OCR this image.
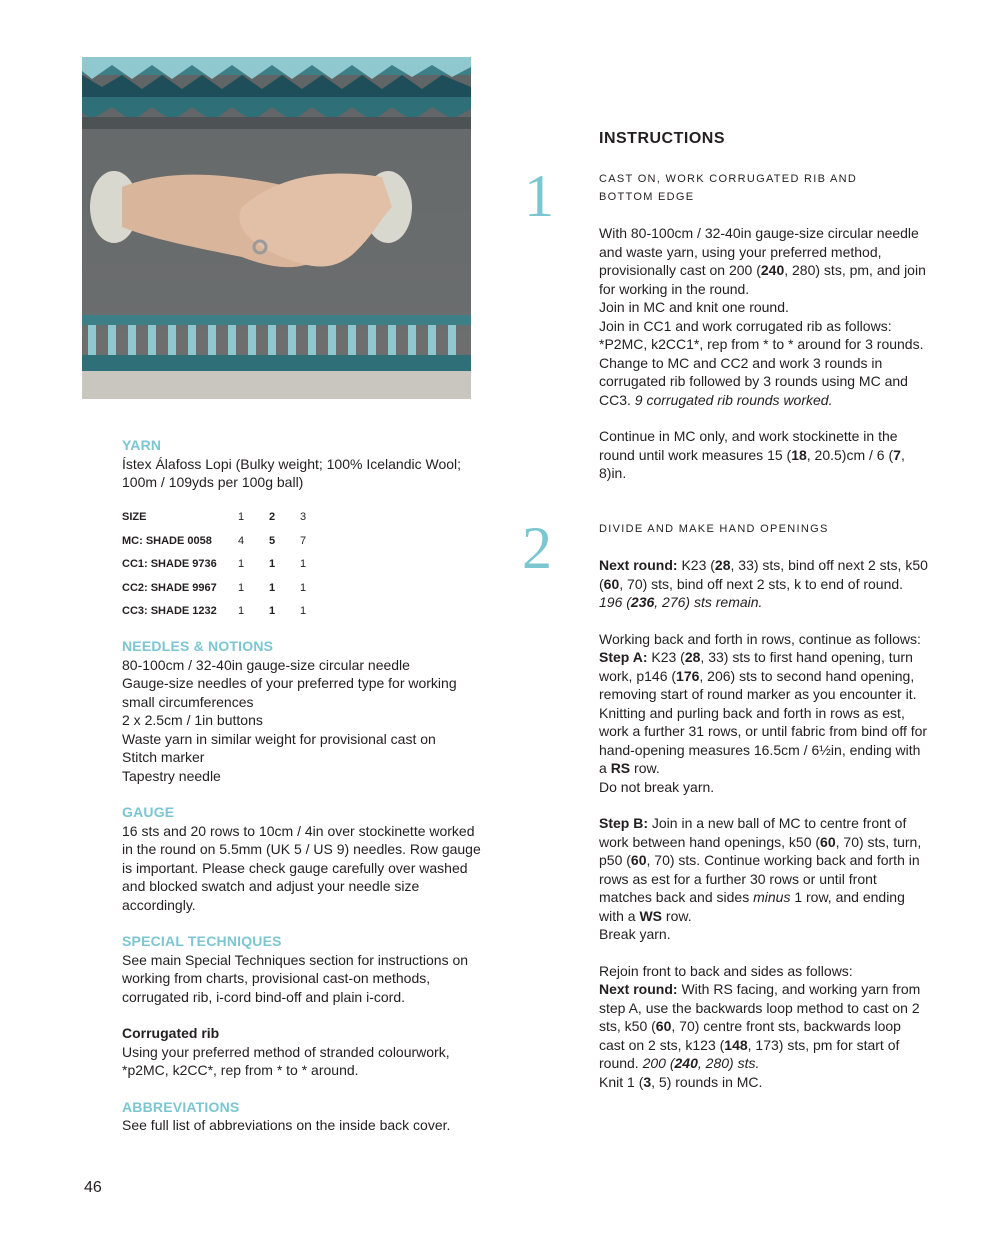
YARN

Ístex Álafoss Lopi (Bulky weight; 100% Icelandic Wool; 100m / 109yds per 100g ball)

SIZE	1	2	3
MC: SHADE 0058	4	5	7
CC1: SHADE 9736	1	1	1
CC2: SHADE 9967	1	1	1
CC3: SHADE 1232	1	1	1

NEEDLES & NOTIONS

80-100cm / 32-40in gauge-size circular needle

Gauge-size needles of your preferred type for working small circumferences

2 x 2.5cm / 1in buttons

Waste yarn in similar weight for provisional cast on

Stitch marker

Tapestry needle

GAUGE

16 sts and 20 rows to 10cm / 4in over stockinette worked in the round on 5.5mm (UK 5 / US 9) needles. Row gauge is important. Please check gauge carefully over washed and blocked swatch and adjust your needle size accordingly.

SPECIAL TECHNIQUES

See main Special Techniques section for instructions on working from charts, provisional cast-on methods, corrugated rib, i-cord bind-off and plain i-cord.

Corrugated rib

Using your preferred method of stranded colourwork, *p2MC, k2CC*, rep from * to * around.

ABBREVIATIONS

See full list of abbreviations on the inside back cover.

INSTRUCTIONS

1	CAST ON, WORK CORRUGATED RIB AND BOTTOM EDGE

With 80-100cm / 32-40in gauge-size circular needle and waste yarn, using your preferred method, provisionally cast on 200 (240, 280) sts, pm, and join for working in the round.

Join in MC and knit one round.

Join in CC1 and work corrugated rib as follows: *P2MC, k2CC1*, rep from * to * around for 3 rounds.

Change to MC and CC2 and work 3 rounds in corrugated rib followed by 3 rounds using MC and CC3. 9 corrugated rib rounds worked.

Continue in MC only, and work stockinette in the round until work measures 15 (18, 20.5)cm / 6 (7, 8)in.

2	DIVIDE AND MAKE HAND OPENINGS

Next round: K23 (28, 33) sts, bind off next 2 sts, k50 (60, 70) sts, bind off next 2 sts, k to end of round. 196 (236, 276) sts remain.

Working back and forth in rows, continue as follows:

Step A: K23 (28, 33) sts to first hand opening, turn work, p146 (176, 206) sts to second hand opening, removing start of round marker as you encounter it.

Knitting and purling back and forth in rows as est, work a further 31 rows, or until fabric from bind off for hand-opening measures 16.5cm / 6½in, ending with a RS row.

Do not break yarn.

Step B: Join in a new ball of MC to centre front of work between hand openings, k50 (60, 70) sts, turn, p50 (60, 70) sts. Continue working back and forth in rows as est for a further 30 rows or until front matches back and sides minus 1 row, and ending with a WS row.

Break yarn.

Rejoin front to back and sides as follows:

Next round: With RS facing, and working yarn from step A, use the backwards loop method to cast on 2 sts, k50 (60, 70) centre front sts, backwards loop cast on 2 sts, k123 (148, 173) sts, pm for start of round. 200 (240, 280) sts.

Knit 1 (3, 5) rounds in MC.

46
